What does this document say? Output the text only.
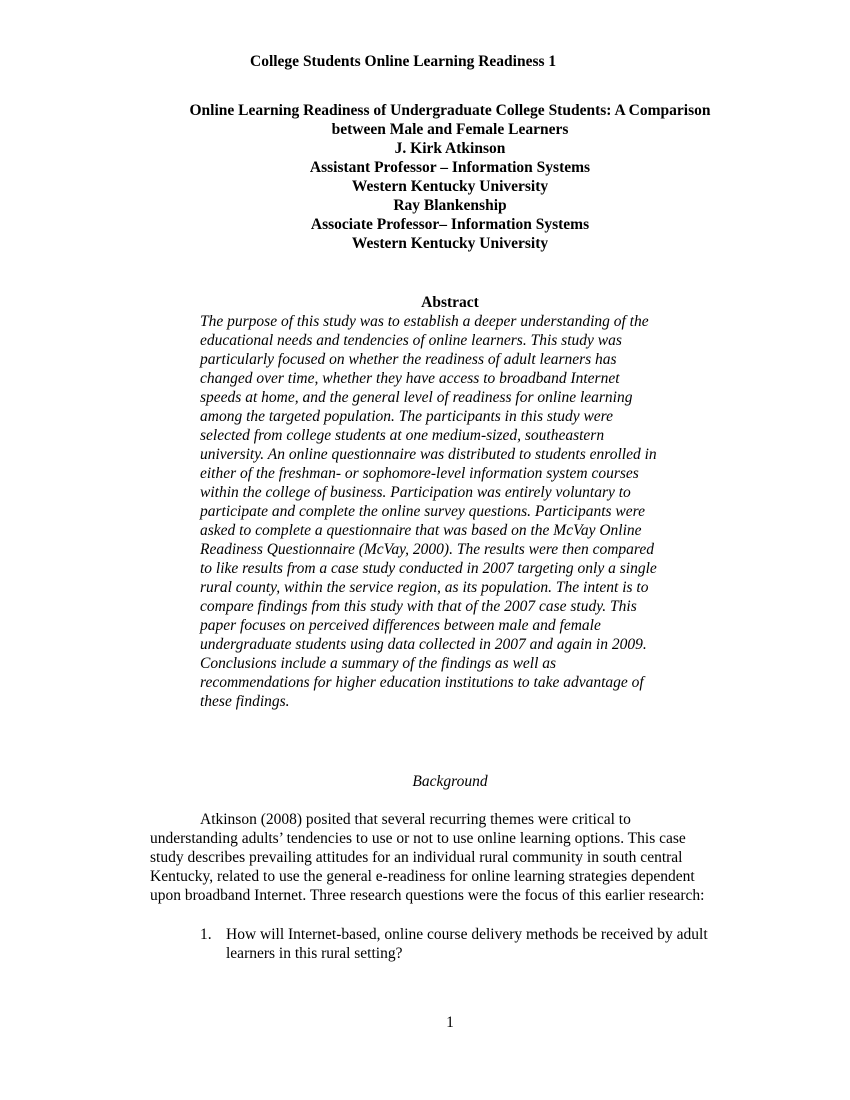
College Students Online Learning Readiness 1
Online Learning Readiness of Undergraduate College Students: A Comparison
between Male and Female Learners
J. Kirk Atkinson
Assistant Professor – Information Systems
Western Kentucky University
Ray Blankenship
Associate Professor– Information Systems
Western Kentucky University
Abstract
The purpose of this study was to establish a deeper understanding of the
educational needs and tendencies of online learners. This study was
particularly focused on whether the readiness of adult learners has
changed over time, whether they have access to broadband Internet
speeds at home, and the general level of readiness for online learning
among the targeted population. The participants in this study were
selected from college students at one medium-sized, southeastern
university. An online questionnaire was distributed to students enrolled in
either of the freshman- or sophomore-level information system courses
within the college of business. Participation was entirely voluntary to
participate and complete the online survey questions. Participants were
asked to complete a questionnaire that was based on the McVay Online
Readiness Questionnaire (McVay, 2000). The results were then compared
to like results from a case study conducted in 2007 targeting only a single
rural county, within the service region, as its population. The intent is to
compare findings from this study with that of the 2007 case study. This
paper focuses on perceived differences between male and female
undergraduate students using data collected in 2007 and again in 2009.
Conclusions include a summary of the findings as well as
recommendations for higher education institutions to take advantage of
these findings.
Background
Atkinson (2008) posited that several recurring themes were critical to
understanding adults’ tendencies to use or not to use online learning options. This case
study describes prevailing attitudes for an individual rural community in south central
Kentucky, related to use the general e-readiness for online learning strategies dependent
upon broadband Internet. Three research questions were the focus of this earlier research:
1. How will Internet-based, online course delivery methods be received by adult
learners in this rural setting?
1
